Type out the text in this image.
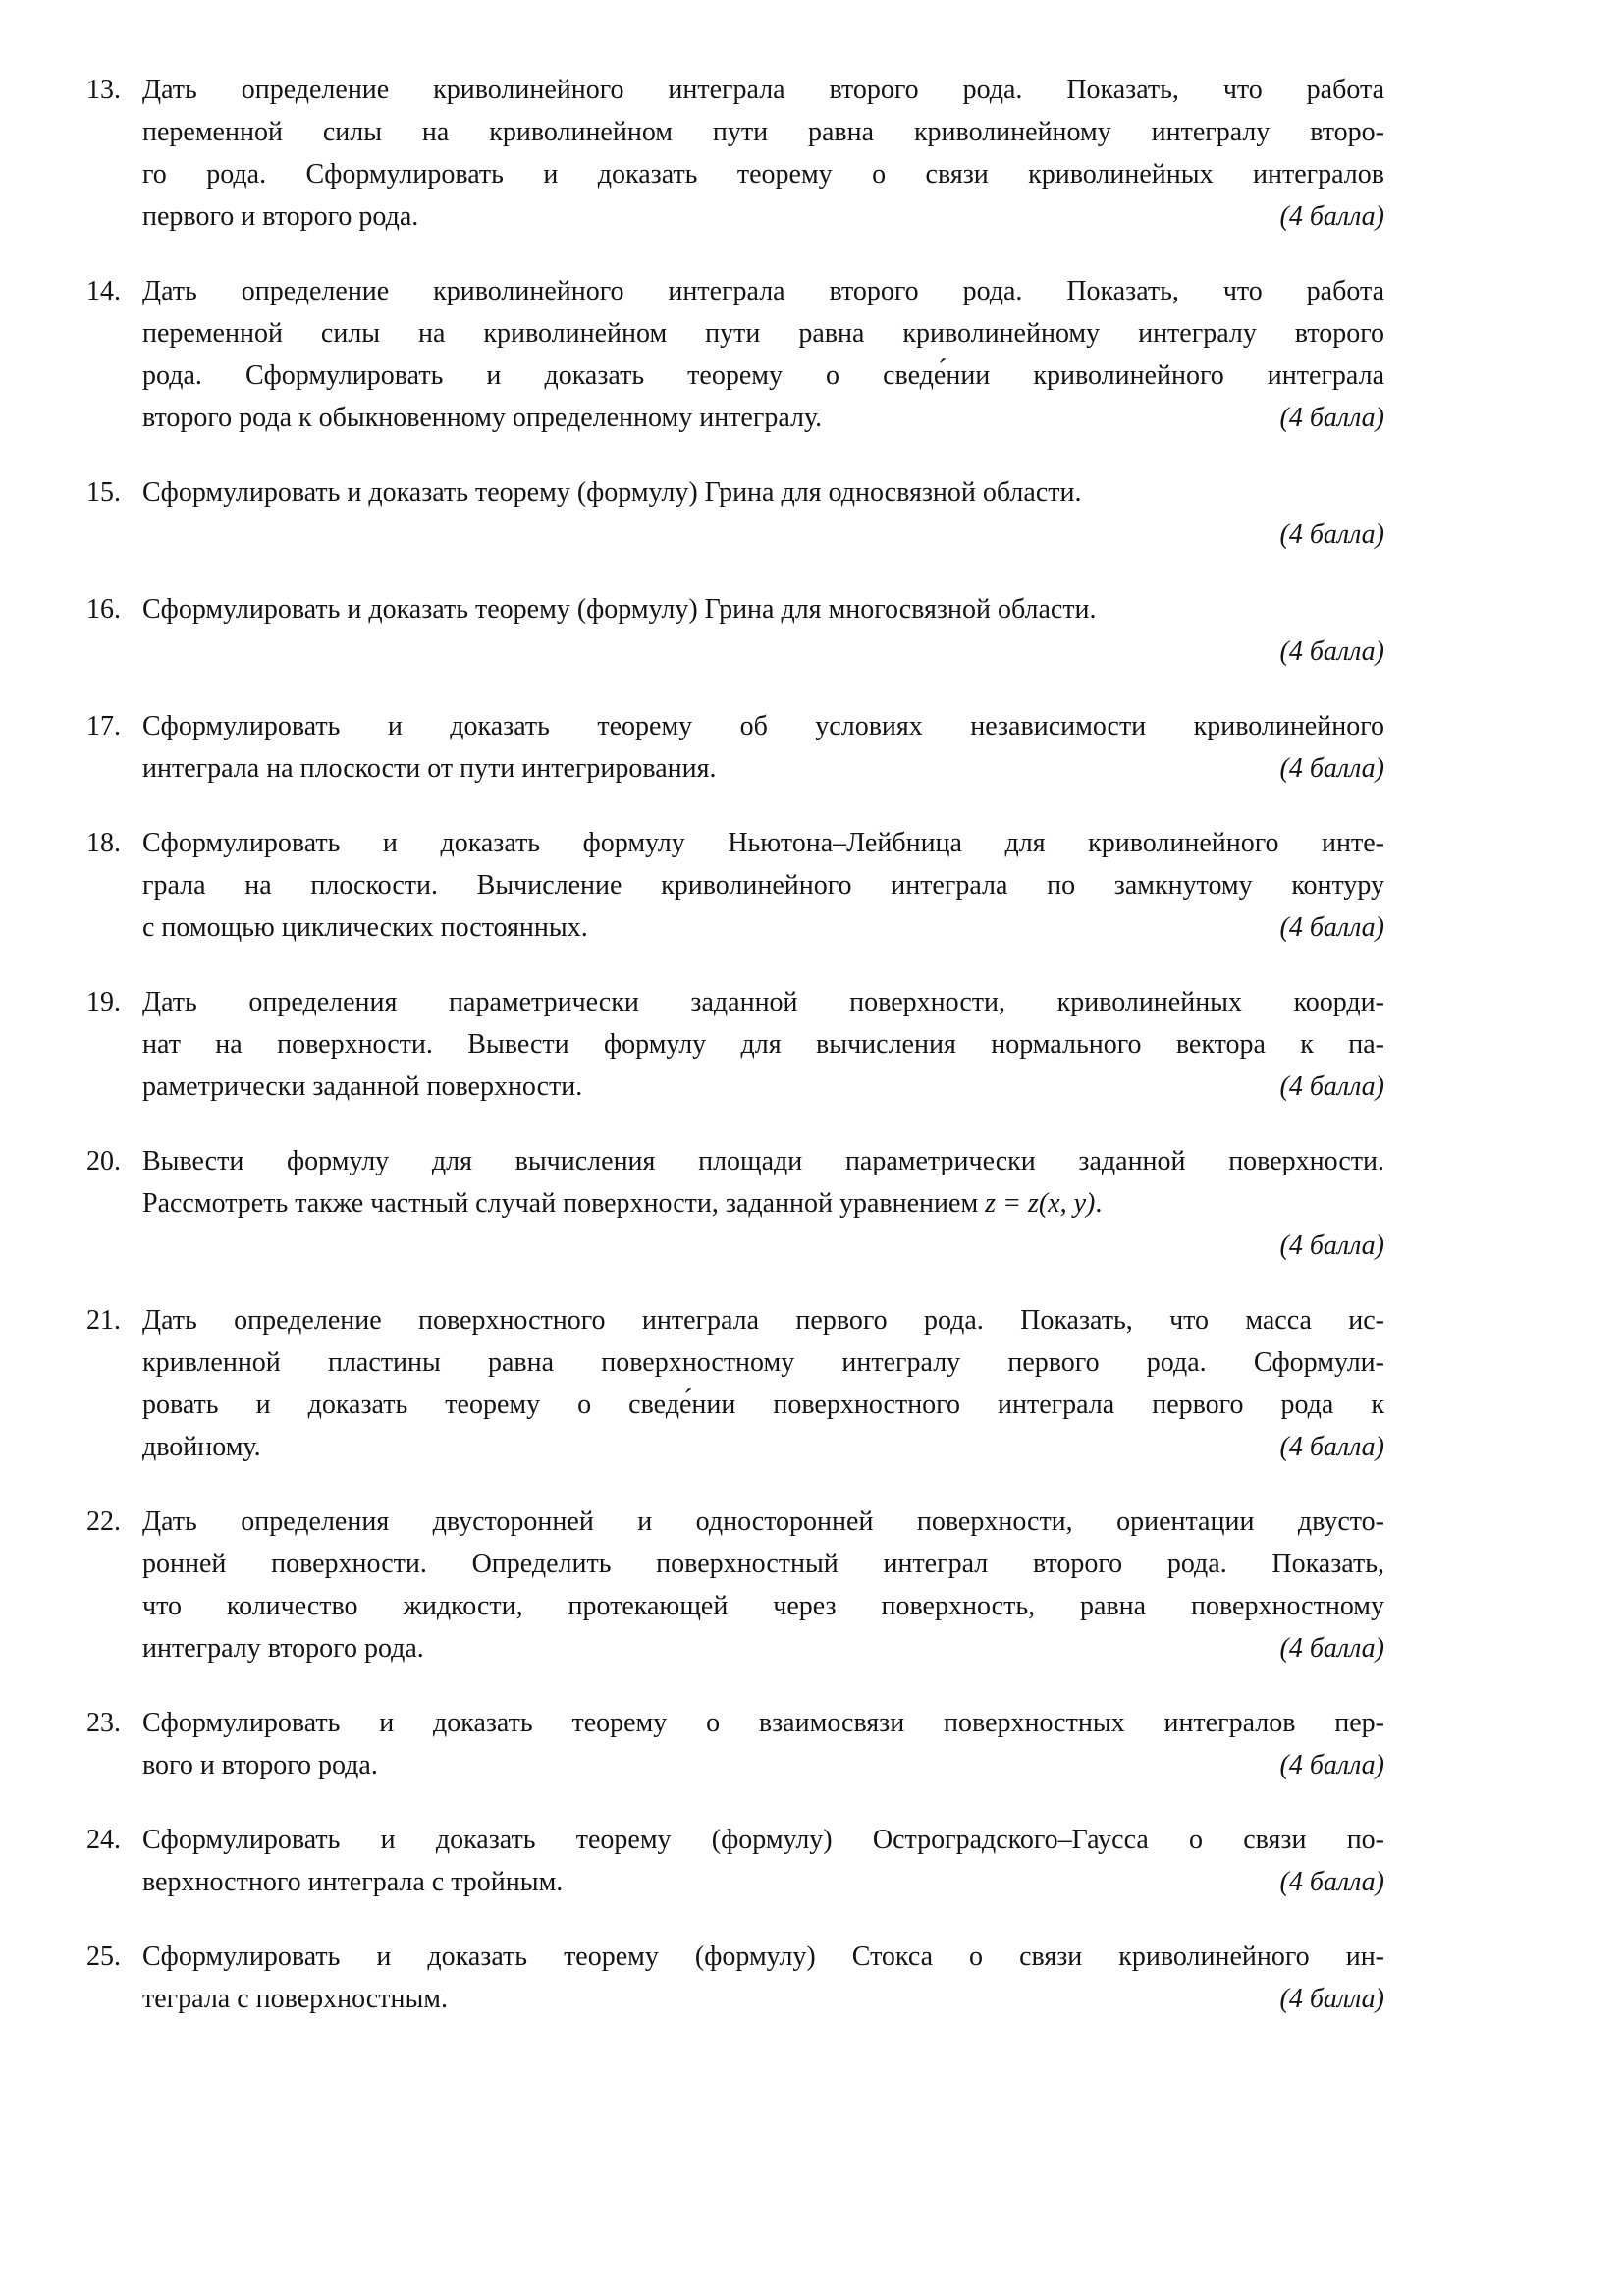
13. Дать определение криволинейного интеграла второго рода. Показать, что работа
переменной силы на криволинейном пути равна криволинейному интегралу второ-
го рода. Сформулировать и доказать теорему о связи криволинейных интегралов
первого и второго рода.	(4 балла)
14. Дать определение криволинейного интеграла второго рода. Показать, что работа
переменной силы на криволинейном пути равна криволинейному интегралу второго
рода. Сформулировать и доказать теорему о сведе́нии криволинейного интеграла
второго рода к обыкновенному определенному интегралу.	(4 балла)
15. Сформулировать и доказать теорему (формулу) Грина для односвязной области.
(4 балла)
16. Сформулировать и доказать теорему (формулу) Грина для многосвязной области.
(4 балла)
17. Сформулировать и доказать теорему об условиях независимости криволинейного
интеграла на плоскости от пути интегрирования.	(4 балла)
18. Сформулировать и доказать формулу Ньютона–Лейбница для криволинейного инте-
грала на плоскости. Вычисление криволинейного интеграла по замкнутому контуру
с помощью циклических постоянных.	(4 балла)
19. Дать определения параметрически заданной поверхности, криволинейных коорди-
нат на поверхности. Вывести формулу для вычисления нормального вектора к па-
раметрически заданной поверхности.	(4 балла)
20. Вывести формулу для вычисления площади параметрически заданной поверхности.
Рассмотреть также частный случай поверхности, заданной уравнением z = z(x, y).
(4 балла)
21. Дать определение поверхностного интеграла первого рода. Показать, что масса ис-
кривленной пластины равна поверхностному интегралу первого рода. Сформули-
ровать и доказать теорему о сведе́нии поверхностного интеграла первого рода к
двойному.	(4 балла)
22. Дать определения двусторонней и односторонней поверхности, ориентации двусто-
ронней поверхности. Определить поверхностный интеграл второго рода. Показать,
что количество жидкости, протекающей через поверхность, равна поверхностному
интегралу второго рода.	(4 балла)
23. Сформулировать и доказать теорему о взаимосвязи поверхностных интегралов пер-
вого и второго рода.	(4 балла)
24. Сформулировать и доказать теорему (формулу) Остроградского–Гаусса о связи по-
верхностного интеграла с тройным.	(4 балла)
25. Сформулировать и доказать теорему (формулу) Стокса о связи криволинейного ин-
теграла с поверхностным.	(4 балла)
